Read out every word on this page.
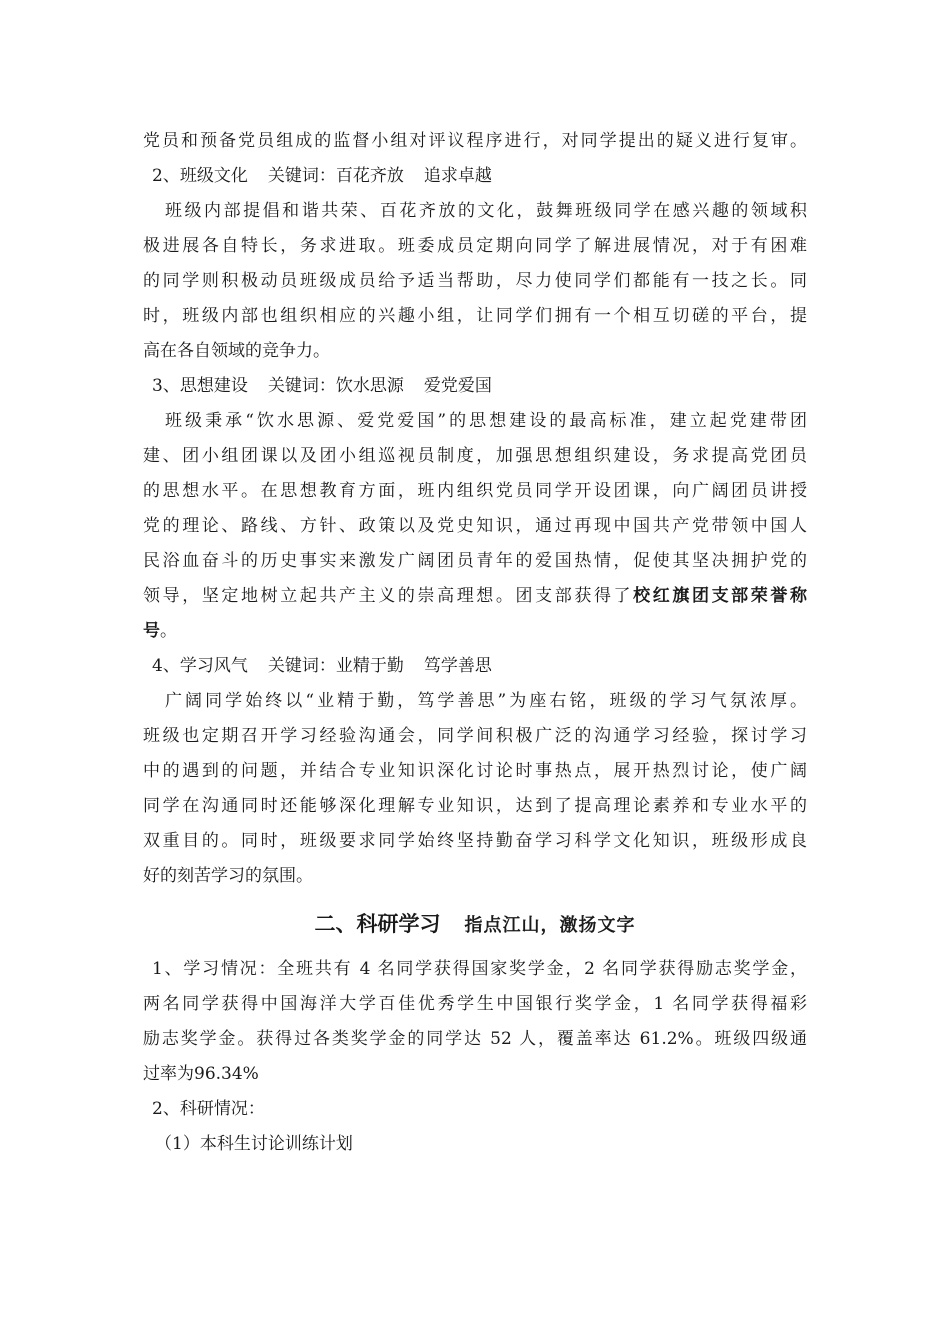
党员和预备党员组成的监督小组对评议程序进行，对同学提出的疑义进行复审。
2、班级文化 关键词：百花齐放 追求卓越
班级内部提倡和谐共荣、百花齐放的文化，鼓舞班级同学在感兴趣的领域积
极进展各自特长，务求进取。班委成员定期向同学了解进展情况，对于有困难
的同学则积极动员班级成员给予适当帮助，尽力使同学们都能有一技之长。同
时，班级内部也组织相应的兴趣小组，让同学们拥有一个相互切磋的平台，提
高在各自领域的竞争力。
3、思想建设 关键词：饮水思源 爱党爱国
班级秉承“饮水思源、爱党爱国”的思想建设的最高标准，建立起党建带团
建、团小组团课以及团小组巡视员制度，加强思想组织建设，务求提高党团员
的思想水平。在思想教育方面，班内组织党员同学开设团课，向广阔团员讲授
党的理论、路线、方针、政策以及党史知识，通过再现中国共产党带领中国人
民浴血奋斗的历史事实来激发广阔团员青年的爱国热情，促使其坚决拥护党的
领导，坚定地树立起共产主义的崇高理想。团支部获得了校红旗团支部荣誉称
号。
4、学习风气 关键词：业精于勤 笃学善思
广阔同学始终以“业精于勤，笃学善思”为座右铭，班级的学习气氛浓厚。
班级也定期召开学习经验沟通会，同学间积极广泛的沟通学习经验，探讨学习
中的遇到的问题，并结合专业知识深化讨论时事热点，展开热烈讨论，使广阔
同学在沟通同时还能够深化理解专业知识，达到了提高理论素养和专业水平的
双重目的。同时，班级要求同学始终坚持勤奋学习科学文化知识，班级形成良
好的刻苦学习的氛围。
二、科研学习 指点江山，激扬文字
1、学习情况：全班共有 4 名同学获得国家奖学金，2 名同学获得励志奖学金，
两名同学获得中国海洋大学百佳优秀学生中国银行奖学金，1 名同学获得福彩
励志奖学金。获得过各类奖学金的同学达 52 人，覆盖率达 61.2%。班级四级通
过率为96.34%
2、科研情况：
（1）本科生讨论训练计划
